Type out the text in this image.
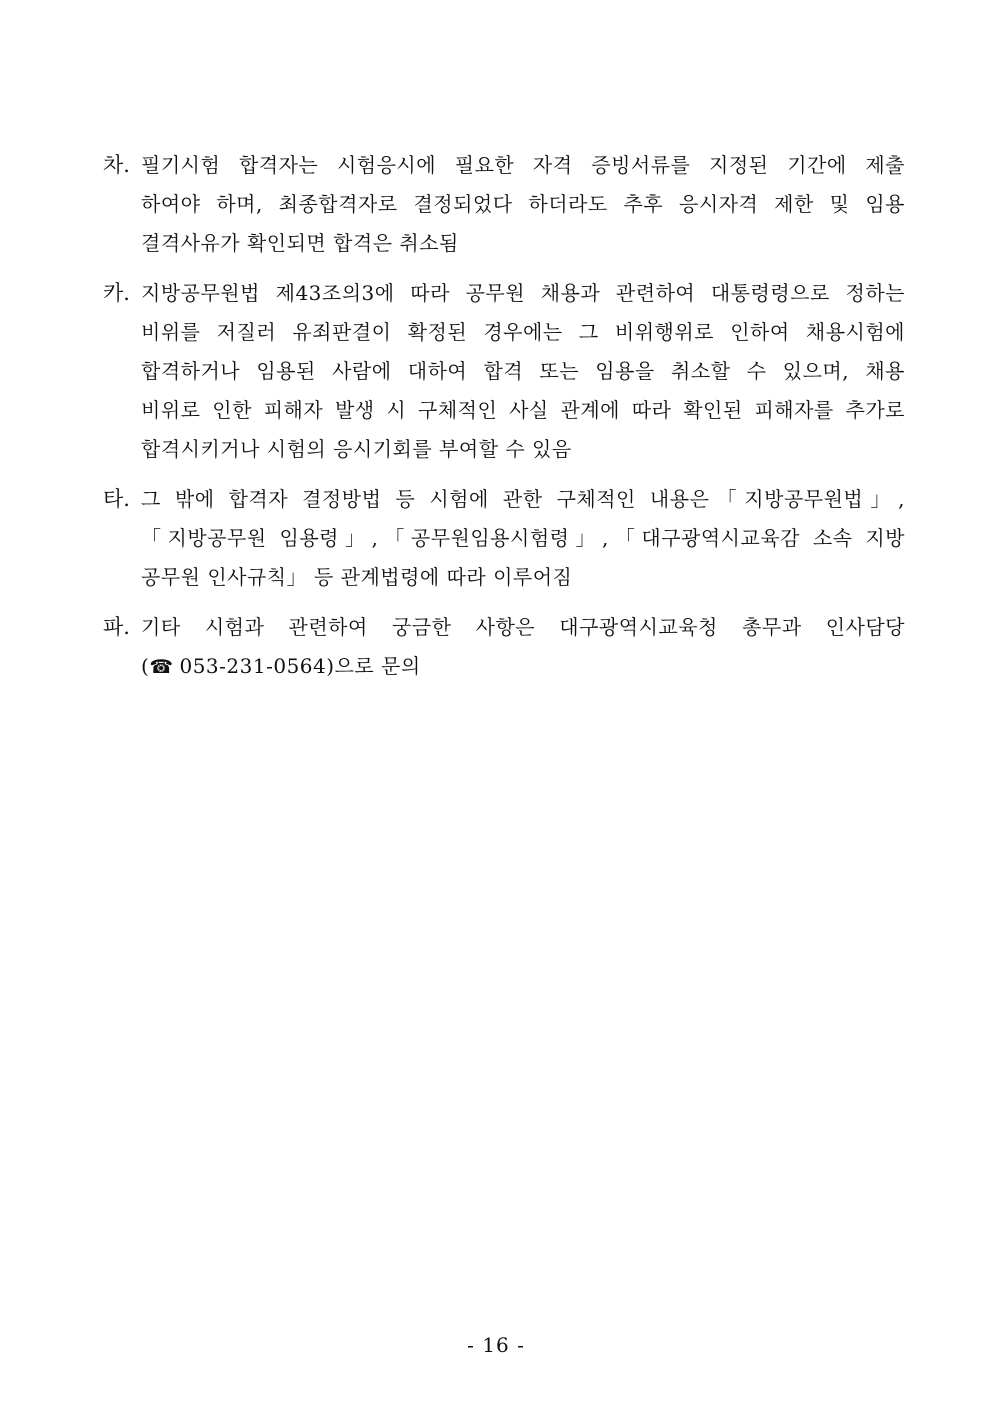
차. 필기시험 합격자는 시험응시에 필요한 자격 증빙서류를 지정된 기간에 제출
하여야 하며, 최종합격자로 결정되었다 하더라도 추후 응시자격 제한 및 임용
결격사유가 확인되면 합격은 취소됨
카. 지방공무원법 제43조의3에 따라 공무원 채용과 관련하여 대통령령으로 정하는
비위를 저질러 유죄판결이 확정된 경우에는 그 비위행위로 인하여 채용시험에
합격하거나 임용된 사람에 대하여 합격 또는 임용을 취소할 수 있으며, 채용
비위로 인한 피해자 발생 시 구체적인 사실 관계에 따라 확인된 피해자를 추가로
합격시키거나 시험의 응시기회를 부여할 수 있음
타. 그 밖에 합격자 결정방법 등 시험에 관한 구체적인 내용은「지방공무원법」,
「지방공무원 임용령」,「공무원임용시험령」,「대구광역시교육감 소속 지방
공무원 인사규칙」 등 관계법령에 따라 이루어짐
파. 기타 시험과 관련하여 궁금한 사항은 대구광역시교육청 총무과 인사담당
(☎ 053-231-0564)으로 문의
- 16 -
